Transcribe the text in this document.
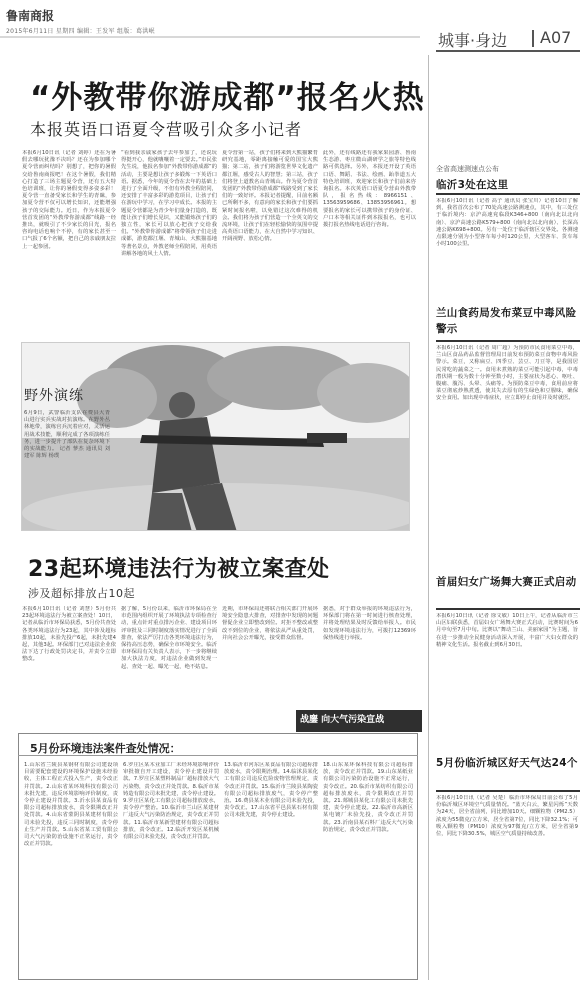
鲁南商报
2015年6月11日 星期四 编辑：王发军 组版：葛洪岷	城事·身边 A07
“外教带你游成都”报名火热
本报英语口语夏令营吸引众多小记者
本报6月10日讯（记者 刘婷）还在为暑假去哪玩犹豫不决吗？还在为参加哪个夏令营而纠结吗？别想了，把你的暑假交给鲁南商报吧！在这个暑假，我们精心打造了三场主题夏令营，还有五大特色培训班，让你的暑假变得多姿多彩！夏令营一直备受家长和学生的青睐，参加夏令营不仅可以增长知识，还能增强孩子的交际能力。近日，作为本报夏令营首发团的“外教带你游成都”线路一经推出，就吸引了不少家长的目光，报名咨询电话也响个不停，有的家长甚至一口气报了6个名额，把自己的亲戚朋友拉上一起参团。
“看到我亲戚家孩子去年参加了，还说玩得挺开心，他就嚷嚷着一定要去。”市民张先生说，他报名参加“外教带你游成都”的活动，主要是想让孩子多锻炼一下英语口语。据悉，今年的夏令营在去年的基础上进行了全面升级，不但有外教全程陪同，还安排了丰富多彩的游览项目，让孩子们在游玩中学习，在学习中成长。本报的主题夏令营都是为青少年们量身打造的，既能让孩子们增长见识，又能锻炼孩子们的独立性，家长可以放心把孩子交给我们。“外教带你游成都”将带领孩子们走进成都，游览都江堰、青城山、大熊猫基地等著名景点，外教老师全程陪同，用英语讲解各地的风土人情。
夏令营第一站，孩子们将来到大熊猫繁育研究基地，零距离接触可爱的国宝大熊猫；第二站，孩子们将游览世界文化遗产都江堰，感受古人的智慧；第三站，孩子们将登上道教名山青城山。作为夏令营首发团的“外教带你游成都”线路受到了家长们的一致好评。本报记者提醒，目前名额已所剩不多，有意向的家长和孩子们要抓紧时间报名啦，以免错过这次难得的机会。我们将为孩子们营造一个全英文的交流环境，让孩子们在轻松愉快的氛围中提高英语口语能力，在大自然中学习知识、开阔视野、放松心情。
此外，还有线路还有我家果园游、鲁南生态游、枣庄微山湖研学之旅等特色线路可供选择。另外，本报还开设了英语口语、舞蹈、书法、绘画、跆拳道五大特色培训班，欢迎家长和孩子们前来咨询报名。本次英语口语夏令营由外教带队，报名热线：8966151、13563959686、13853956961。想要报名的家长可以携带孩子的身份证、户口本等相关证件到本报报名，也可以拨打报名热线电话进行咨询。
野外演练
6月9日，武警临沂支队在费县大青山进行实兵实战对抗演练。在野外丛林地带，演练官兵沉着应对，灵活运用战术技能，顺利完成了各项演练任务，进一步提升了部队在复杂环境下的实战能力。 记者 蓼杰 通讯员 刘建军 陈辉 杨璞
23起环境违法行为被立案查处
涉及超标排放占10起
本报6月10日讯（记者 刘慧）5月份共23起环境违法行为被立案查处！10日，记者从临沂市环保局获悉，5月份共查处各类环境违法行为23起，其中涉及超标排放10起，未验先投产6起，未批先建4起，其他3起。环保部门已对违法企业依法下达了行政处罚决定书，并责令立即整改。
据了解，5月份以来，临沂市环保局在全市范围内组织开展了环境执法专项检查行动，重点针对重点排污企业、建设项目环评审批及三同时制度落实情况进行了全面排查，依法严厉打击各类环境违法行为，保持高压态势，确保全市环境安全。临沂市环保局有关负责人表示，下一步将继续加大执法力度，对违法企业做到发现一起、查处一起、曝光一起，绝不姑息。
近期，市环保局还将联合相关部门开展环境安全隐患大排查，对排查中发现的问题督促企业立即整改到位。对拒不整改或整改不到位的企业，将依法从严从重处罚，并向社会公开曝光，接受群众监督。
据悉，对于群众举报的环境违法行为，环保部门将在第一时间进行核查处理，并将处理结果及时反馈给举报人。市民如发现环境违法行为，可拨打12369环保热线进行举报。
战鏖 向大气污染宣战
5月份环境违法案件查处情况：
1.山东省兰陵县某钢材有限公司建设项目需要配套建设的环境保护设施未经验收，主体工程正式投入生产，责令改正并罚款。2.山东省某环境科技有限公司未批先建，违反环境影响评价制度，责令停止建设并罚款。3.沂水县某食品有限公司超标排放废水，责令限期改正并处罚款。4.山东省蒙阴县某建材有限公司未验先投，违反三同时制度，责令停止生产并罚款。5.山东省某工贸有限公司大气污染防治设施不正常运行，责令改正并罚款。
6.罗庄区某木业加工厂未经环境影响评价审批擅自开工建设，责令停止建设并罚款。7.罗庄区某塑料制品厂超标排放大气污染物，责令改正并处罚款。8.临沂市某铸造有限公司未批先建，责令停止建设。9.罗庄区某化工有限公司超标排放废水，责令停产整治。10.临沂市兰山区某建材厂违反大气污染防治规定，责令改正并罚款。11.临沂市某新型建材有限公司超标排放，责令改正。12.临沂开发区某机械有限公司未验先投，责令改正并罚款。
13.临沂市河东区某食品有限公司超标排放废水，责令限期治理。14.临沭县某化工有限公司违反危险废物管理规定，责令改正并罚款。15.临沂市兰陵县某陶瓷有限公司超标排放废气，责令停产整治。16.费县某木业有限公司未验先投，责令改正。17.山东省平邑县某石材有限公司未批先建，责令停止建设。
18.山东某环保科技有限公司超标排放，责令改正并罚款。19.山东某纸业有限公司污染防治设施不正常运行，责令改正。20.临沂市某纺织有限公司超标排放废水，责令限期改正并罚款。21.郯城县某化工有限公司未批先建，责令停止建设。22.临沂市高新区某电镀厂未验先投，责令改正并罚款。23.沂南县某石料厂违反大气污染防治规定，责令改正并罚款。
全省高速测速点公布
临沂3处在这里
本报6月10日讯（记者 高子 通讯员 张宝川）记者10日了解到，我省首次公布了70处高速公路测速点，其中，有三处位于临沂境内：京沪高速兖临段K346+800（南向北以北向南）、京沪高速公路K579+800（南向北以北向南）、长深高速公路K698+800。另有一处位于临沂辖区交界处。各测速点限速分别为小型客车每小时120公里，大型客车、货车每小时100公里。
兰山食药局发布菜豆中毒风险警示
本报6月10日讯（记者 周广超）为预防市民食用菜豆中毒，兰山区食品药品监督管理局日前发布预防菜豆食物中毒风险警示。菜豆，又称扁豆、四季豆、芸豆、刀豆等，是我国居民常吃的蔬菜之一。食用未煮熟的菜豆可能引起中毒，中毒潜伏期一般为数十分钟至数小时，主要症状为恶心、呕吐、腹痛、腹泻、头晕、头痛等。为预防菜豆中毒，食用前应将菜豆彻底炒熟煮透，使其失去原有的生绿色和豆腥味，确保安全食用。如出现中毒症状，应立即停止食用并及时就医。
首届妇女广场舞大赛正式启动
本报6月10日讯（记者 徐文敏）10日上午，记者从临沂市兰山区妇联获悉，首届妇女广场舞大赛正式启动，比赛时间为6月中旬至7月中旬。比赛以“舞动兰山、美丽家园”为主题，旨在进一步推动全民健身活动深入开展，丰富广大妇女群众的精神文化生活。报名截止到6月30日。
5月份临沂城区好天气达24个
本报6月10日讯（记者 吴楚）临沂市环保局日前公布了5月份临沂城区环境空气质量情况。“蓝天白云，繁星闪烁”天数为24天，居全省前列，同比增加10天。细颗粒物（PM2.5）浓度为55微克/立方米，居全省第7位，同比下降32.1%；可吸入颗粒物（PM10）浓度为97微克/立方米，居全省第9位，同比下降30.5%，城区空气质量持续改善。
